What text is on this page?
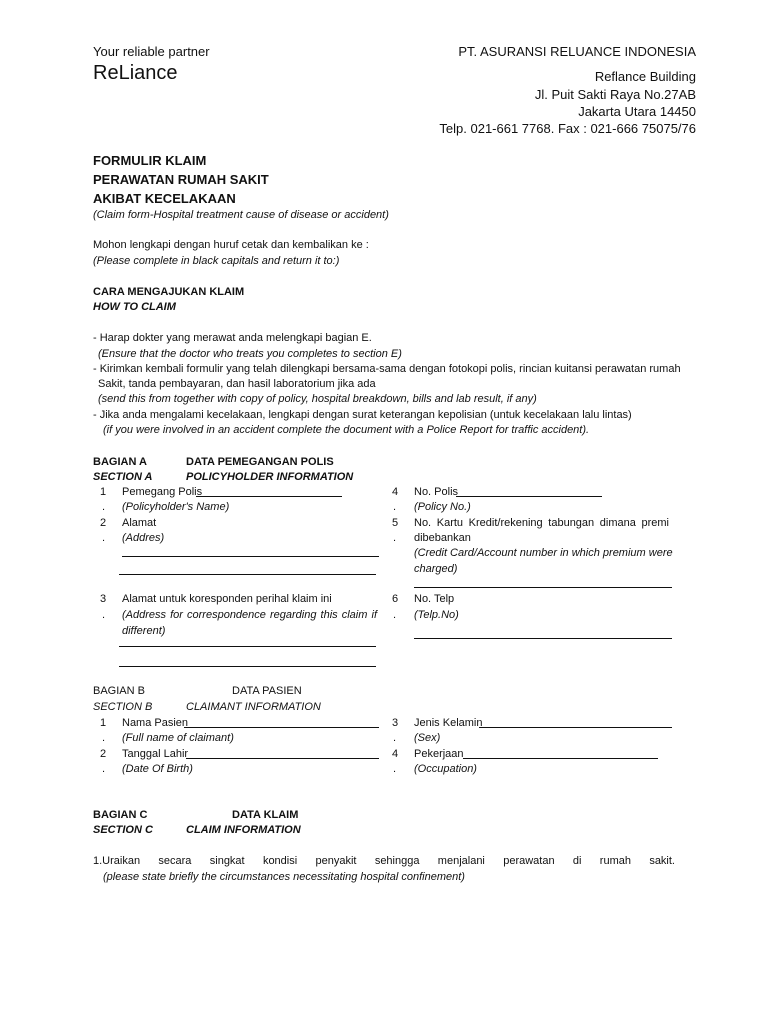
Your reliable partner
ReLiance
PT. ASURANSI RELUANCE INDONESIA
Reflance Building
Jl. Puit Sakti Raya No.27AB
Jakarta Utara 14450
Telp. 021-661 7768. Fax : 021-666 75075/76
FORMULIR KLAIM
PERAWATAN RUMAH SAKIT
AKIBAT KECELAKAAN
(Claim form-Hospital treatment cause of disease or accident)
Mohon lengkapi dengan huruf cetak dan kembalikan ke :
(Please complete in black capitals and return it to:)
CARA MENGAJUKAN KLAIM
HOW TO CLAIM
- Harap dokter yang merawat anda melengkapi bagian E.
(Ensure that the doctor who treats you completes to section E)
- Kirimkan kembali formulir yang telah dilengkapi bersama-sama dengan fotokopi polis, rincian kuitansi perawatan rumah
Sakit, tanda pembayaran, dan hasil laboratorium jika ada
(send this from together with copy of policy, hospital breakdown, bills and lab result, if any)
- Jika anda mengalami kecelakaan, lengkapi dengan surat keterangan kepolisian (untuk kecelakaan lalu lintas)
(if you were involved in an accident complete the document with a Police Report for traffic accident).
BAGIAN A	DATA PEMEGANGAN POLIS
SECTION A	POLICYHOLDER INFORMATION
1 Pemegang Polis
. (Policyholder's Name)
2 Alamat
. (Addres)
3 Alamat untuk koresponden perihal klaim ini
. (Address for correspondence regarding this claim if
different)
4 No. Polis
. (Policy No.)
5 No. Kartu Kredit/rekening tabungan dimana premi
. dibebankan
(Credit Card/Account number in which premium were
charged)
6 No. Telp
. (Telp.No)
BAGIAN B	DATA PASIEN
SECTION B	CLAIMANT INFORMATION
1 Nama Pasien
. (Full name of claimant)
2 Tanggal Lahir
. (Date Of Birth)
3 Jenis Kelamin
. (Sex)
4 Pekerjaan
. (Occupation)
BAGIAN C	DATA KLAIM
SECTION C	CLAIM INFORMATION
1.Uraikan secara singkat kondisi penyakit sehingga menjalani perawatan di rumah sakit.
(please state briefly the circumstances necessitating hospital confinement)
